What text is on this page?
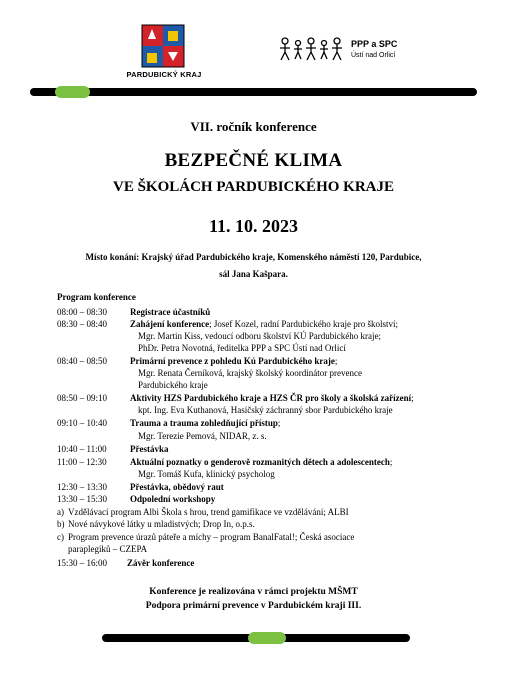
PARDUBICKÝ KRAJ
PPP a SPC
Ústí nad Orlicí
VII. ročník konference
BEZPEČNÉ KLIMA
VE ŠKOLÁCH PARDUBICKÉHO KRAJE
11. 10. 2023
Místo konání: Krajský úřad Pardubického kraje, Komenského náměstí 120, Pardubice,
sál Jana Kašpara.
Program konference
08:00 – 08:30	Registrace účastníků
08:30 – 08:40	Zahájení konference; Josef Kozel, radní Pardubického kraje pro školství;
Mgr. Martin Kiss, vedoucí odboru školství KÚ Pardubického kraje;
PhDr. Petra Novotná, ředitelka PPP a SPC Ústí nad Orlicí
08:40 – 08:50	Primární prevence z pohledu Kú Pardubického kraje;
Mgr. Renata Černíková, krajský školský koordinátor prevence
Pardubického kraje
08:50 – 09:10	Aktivity HZS Pardubického kraje a HZS ČR pro školy a školská zařízení;
kpt. Ing. Eva Kuthanová, Hasičský záchranný sbor Pardubického kraje
09:10 – 10:40	Trauma a trauma zohledňující přístup;
Mgr. Terezie Pemová, NIDAR, z. s.
10:40 – 11:00	Přestávka
11:00 – 12:30	Aktuální poznatky o genderově rozmanitých dětech a adolescentech;
Mgr. Tomáš Kufa, klinický psycholog
12:30 – 13:30	Přestávka, obědový raut
13:30 – 15:30	Odpolední workshopy
a) Vzdělávací program Albi Škola s hrou, trend gamifikace ve vzdělávání; ALBI
b) Nové návykové látky u mladistvých; Drop In, o.p.s.
c) Program prevence úrazů páteře a míchy – program BanalFatal!; Česká asociace
paraplegiků – CZEPA
15:30 – 16:00	Závěr konference
Konference je realizována v rámci projektu MŠMT
Podpora primární prevence v Pardubickém kraji III.
